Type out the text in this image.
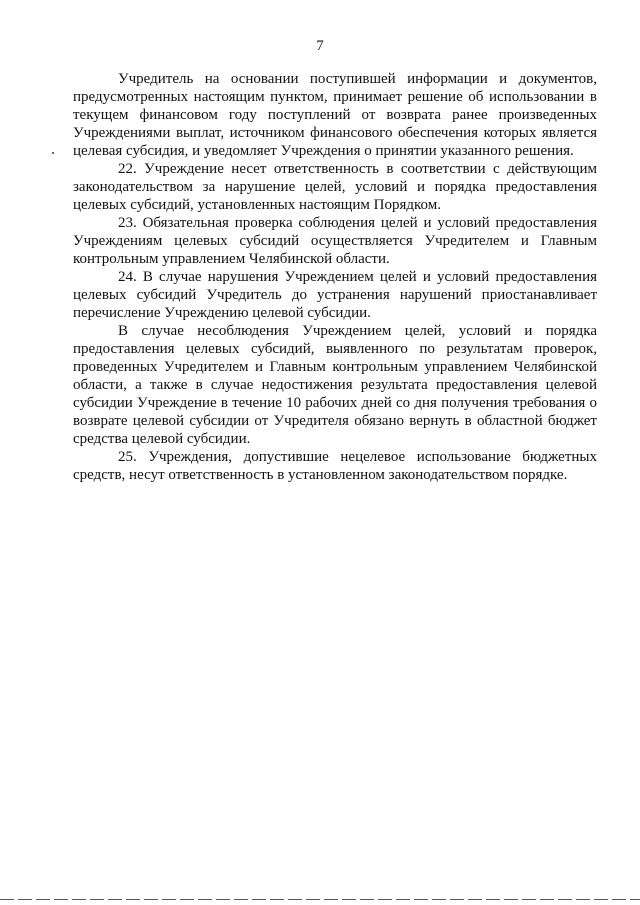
7

Учредитель на основании поступившей информации и документов, предусмотренных настоящим пунктом, принимает решение об использовании в текущем финансовом году поступлений от возврата ранее произведенных Учреждениями выплат, источником финансового обеспечения которых является целевая субсидия, и уведомляет Учреждения о принятии указанного решения.

22. Учреждение несет ответственность в соответствии с действующим законодательством за нарушение целей, условий и порядка предоставления целевых субсидий, установленных настоящим Порядком.

23. Обязательная проверка соблюдения целей и условий предоставления Учреждениям целевых субсидий осуществляется Учредителем и Главным контрольным управлением Челябинской области.

24. В случае нарушения Учреждением целей и условий предоставления целевых субсидий Учредитель до устранения нарушений приостанавливает перечисление Учреждению целевой субсидии.

В случае несоблюдения Учреждением целей, условий и порядка предоставления целевых субсидий, выявленного по результатам проверок, проведенных Учредителем и Главным контрольным управлением Челябинской области, а также в случае недостижения результата предоставления целевой субсидии Учреждение в течение 10 рабочих дней со дня получения требования о возврате целевой субсидии от Учредителя обязано вернуть в областной бюджет средства целевой субсидии.

25. Учреждения, допустившие нецелевое использование бюджетных средств, несут ответственность в установленном законодательством порядке.
